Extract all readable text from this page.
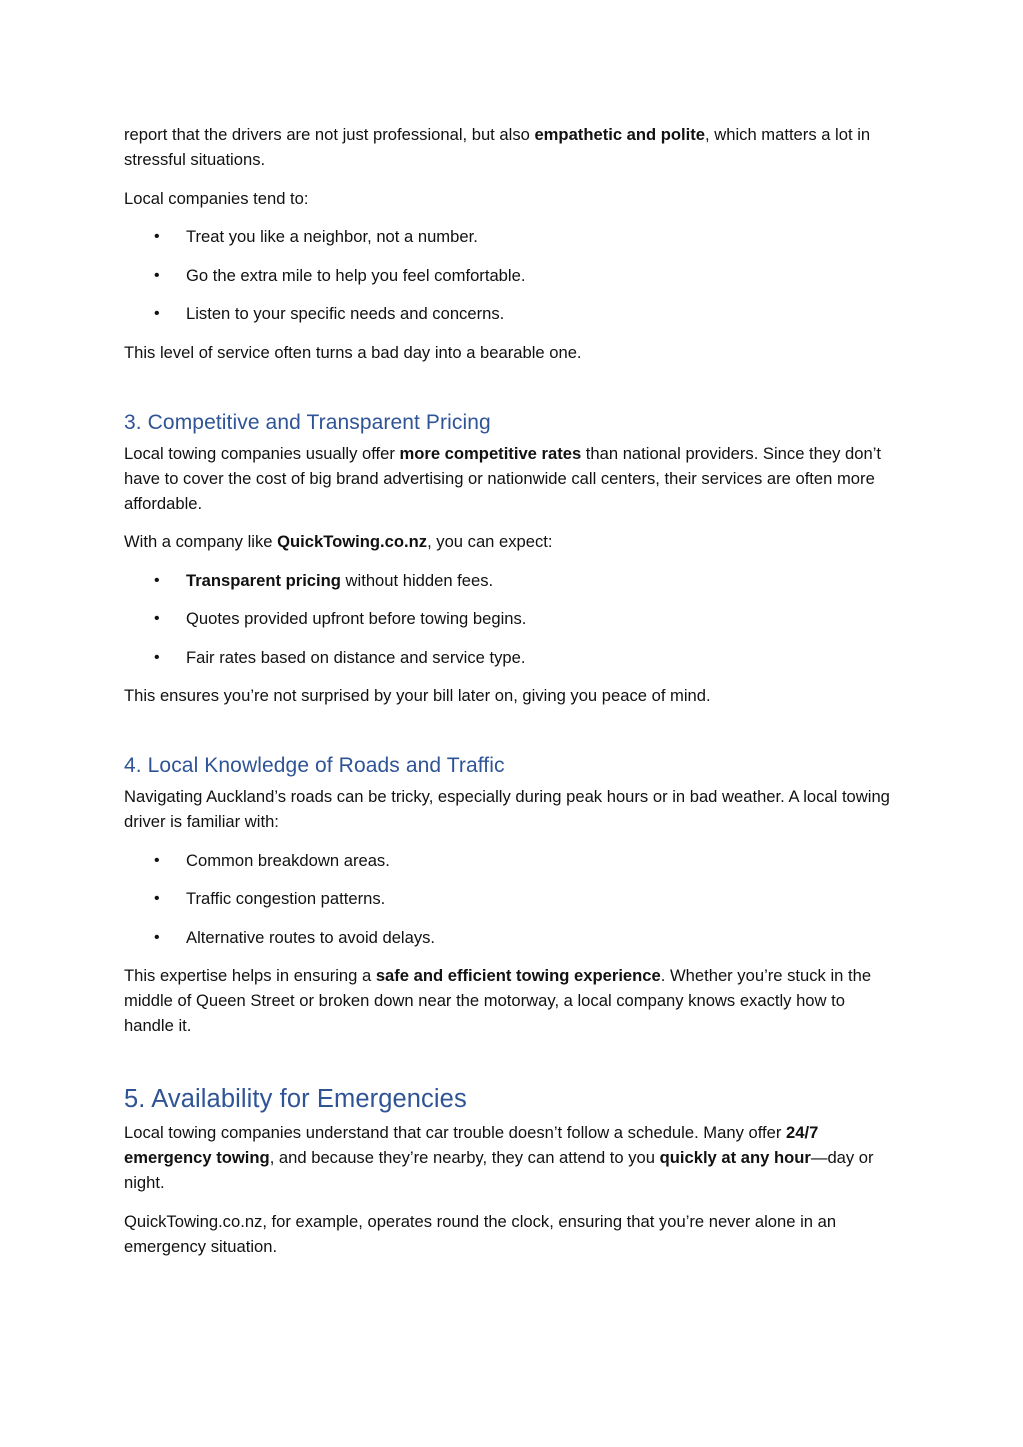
report that the drivers are not just professional, but also empathetic and polite, which matters a lot in stressful situations.

Local companies tend to:

• Treat you like a neighbor, not a number.
• Go the extra mile to help you feel comfortable.
• Listen to your specific needs and concerns.

This level of service often turns a bad day into a bearable one.

3. Competitive and Transparent Pricing

Local towing companies usually offer more competitive rates than national providers. Since they don’t have to cover the cost of big brand advertising or nationwide call centers, their services are often more affordable.

With a company like QuickTowing.co.nz, you can expect:

• Transparent pricing without hidden fees.
• Quotes provided upfront before towing begins.
• Fair rates based on distance and service type.

This ensures you’re not surprised by your bill later on, giving you peace of mind.

4. Local Knowledge of Roads and Traffic

Navigating Auckland’s roads can be tricky, especially during peak hours or in bad weather. A local towing driver is familiar with:

• Common breakdown areas.
• Traffic congestion patterns.
• Alternative routes to avoid delays.

This expertise helps in ensuring a safe and efficient towing experience. Whether you’re stuck in the middle of Queen Street or broken down near the motorway, a local company knows exactly how to handle it.

5. Availability for Emergencies

Local towing companies understand that car trouble doesn’t follow a schedule. Many offer 24/7 emergency towing, and because they’re nearby, they can attend to you quickly at any hour—day or night.

QuickTowing.co.nz, for example, operates round the clock, ensuring that you’re never alone in an emergency situation.
